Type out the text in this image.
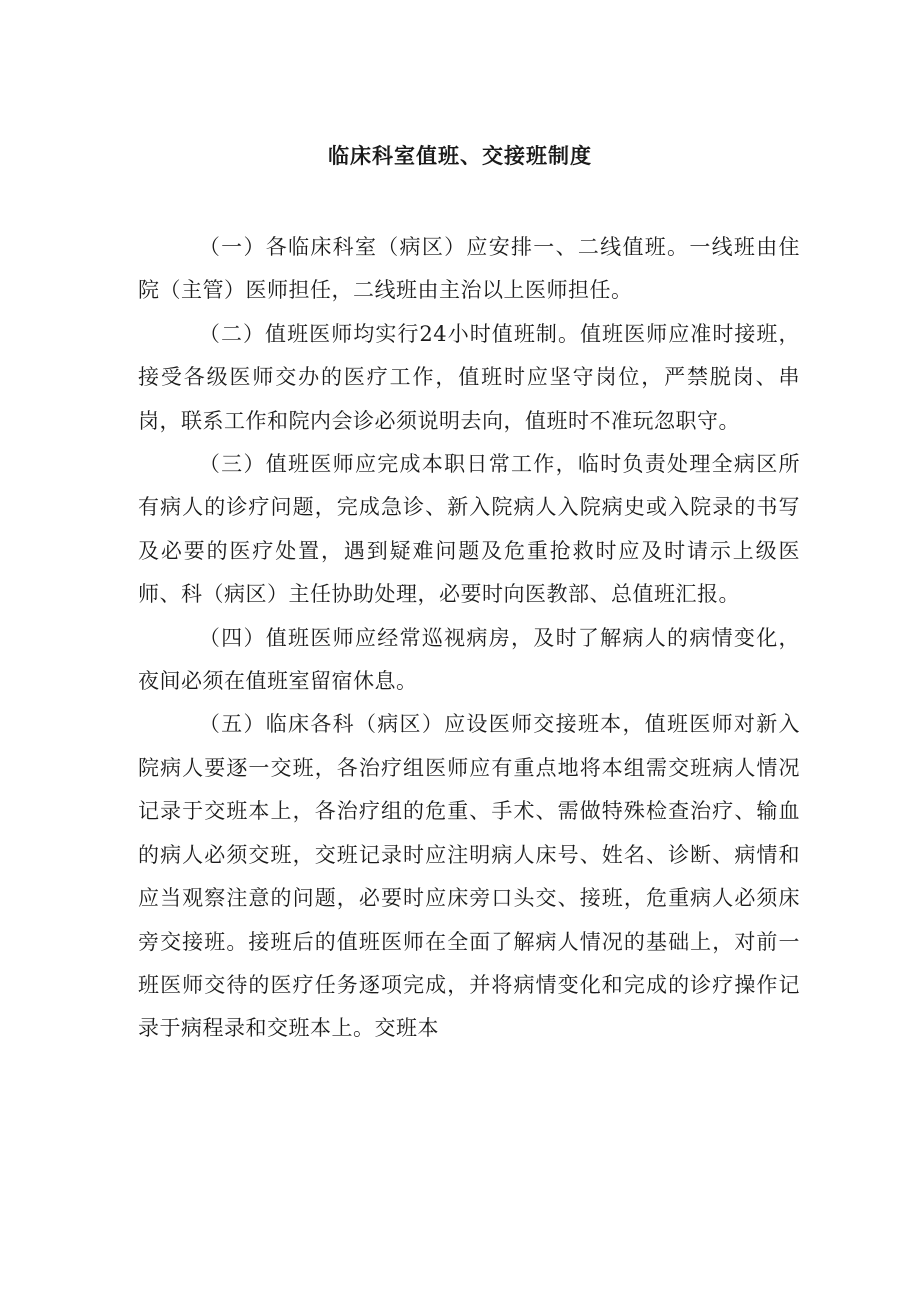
临床科室值班、交接班制度

（一）各临床科室（病区）应安排一、二线值班。一线班由住院（主管）医师担任，二线班由主治以上医师担任。

（二）值班医师均实行24小时值班制。值班医师应准时接班，接受各级医师交办的医疗工作，值班时应坚守岗位，严禁脱岗、串岗，联系工作和院内会诊必须说明去向，值班时不准玩忽职守。

（三）值班医师应完成本职日常工作，临时负责处理全病区所有病人的诊疗问题，完成急诊、新入院病人入院病史或入院录的书写及必要的医疗处置，遇到疑难问题及危重抢救时应及时请示上级医师、科（病区）主任协助处理，必要时向医教部、总值班汇报。

（四）值班医师应经常巡视病房，及时了解病人的病情变化，夜间必须在值班室留宿休息。

（五）临床各科（病区）应设医师交接班本，值班医师对新入院病人要逐一交班，各治疗组医师应有重点地将本组需交班病人情况记录于交班本上，各治疗组的危重、手术、需做特殊检查治疗、输血的病人必须交班，交班记录时应注明病人床号、姓名、诊断、病情和应当观察注意的问题，必要时应床旁口头交、接班，危重病人必须床旁交接班。接班后的值班医师在全面了解病人情况的基础上，对前一班医师交待的医疗任务逐项完成，并将病情变化和完成的诊疗操作记录于病程录和交班本上。交班本
